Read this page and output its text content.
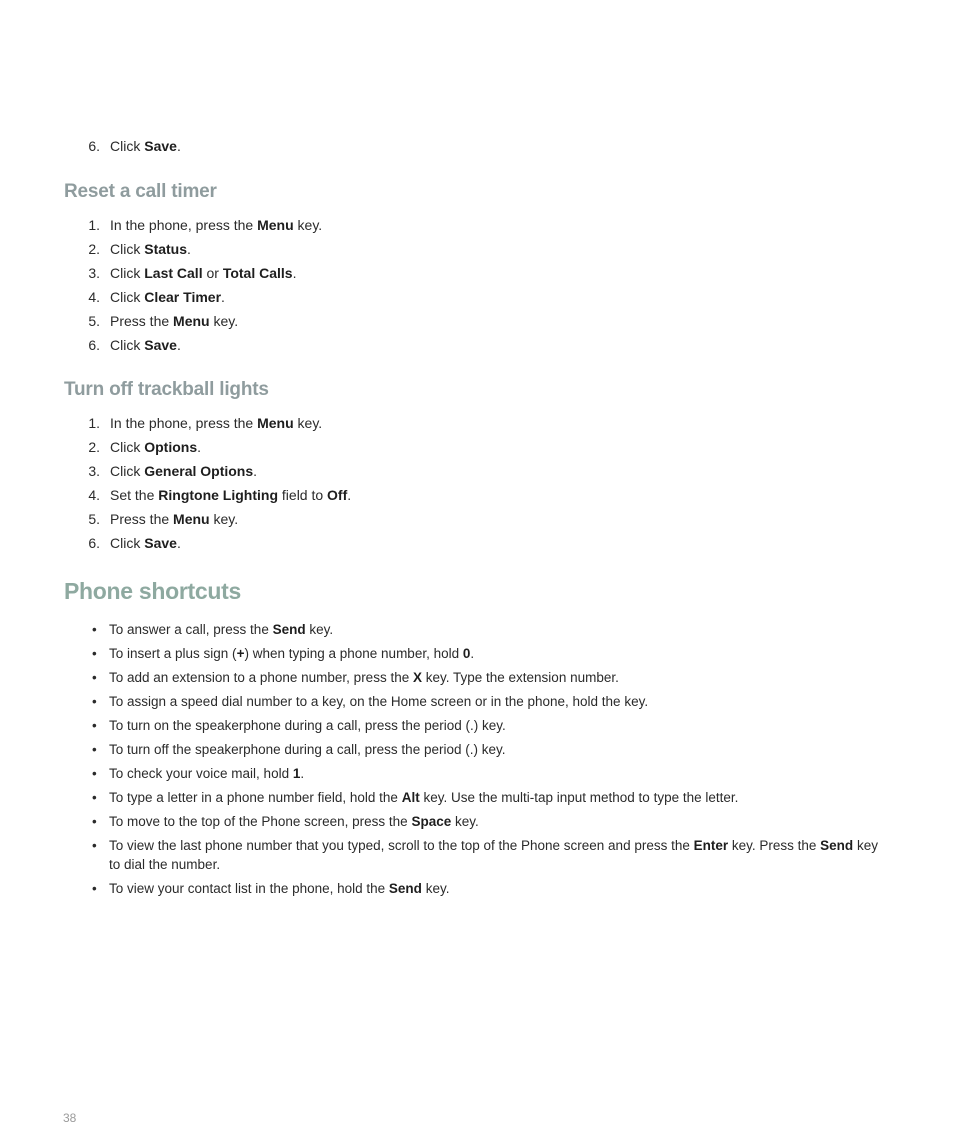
6. Click Save.
Reset a call timer
1. In the phone, press the Menu key.
2. Click Status.
3. Click Last Call or Total Calls.
4. Click Clear Timer.
5. Press the Menu key.
6. Click Save.
Turn off trackball lights
1. In the phone, press the Menu key.
2. Click Options.
3. Click General Options.
4. Set the Ringtone Lighting field to Off.
5. Press the Menu key.
6. Click Save.
Phone shortcuts
• To answer a call, press the Send key.
• To insert a plus sign (+) when typing a phone number, hold 0.
• To add an extension to a phone number, press the X key. Type the extension number.
• To assign a speed dial number to a key, on the Home screen or in the phone, hold the key.
• To turn on the speakerphone during a call, press the period (.) key.
• To turn off the speakerphone during a call, press the period (.) key.
• To check your voice mail, hold 1.
• To type a letter in a phone number field, hold the Alt key. Use the multi-tap input method to type the letter.
• To move to the top of the Phone screen, press the Space key.
• To view the last phone number that you typed, scroll to the top of the Phone screen and press the Enter key. Press the Send key to dial the number.
• To view your contact list in the phone, hold the Send key.
38
